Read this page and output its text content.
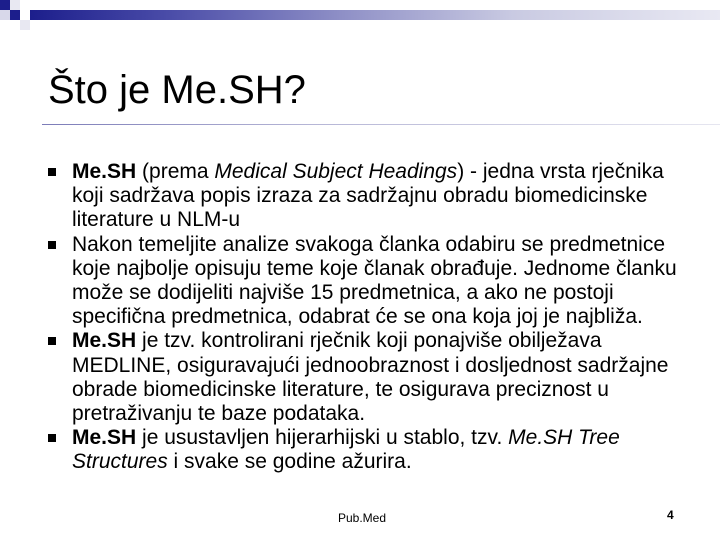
Što je Me.SH?
Me.SH (prema Medical Subject Headings) - jedna vrsta rječnika koji sadržava popis izraza za sadržajnu obradu biomedicinske literature u NLM-u
Nakon temeljite analize svakoga članka odabiru se predmetnice koje najbolje opisuju teme koje članak obrađuje. Jednome članku može se dodijeliti najviše 15 predmetnica, a ako ne postoji specifična predmetnica, odabrat će se ona koja joj je najbliža.
Me.SH je tzv. kontrolirani rječnik koji ponajviše obilježava MEDLINE, osiguravajući jednoobraznost i dosljednost sadržajne obrade biomedicinske literature, te osigurava preciznost u pretraživanju te baze podataka.
Me.SH je usustavljen hijerarhijski u stablo, tzv. Me.SH Tree Structures i svake se godine ažurira.
Pub.Med	4
